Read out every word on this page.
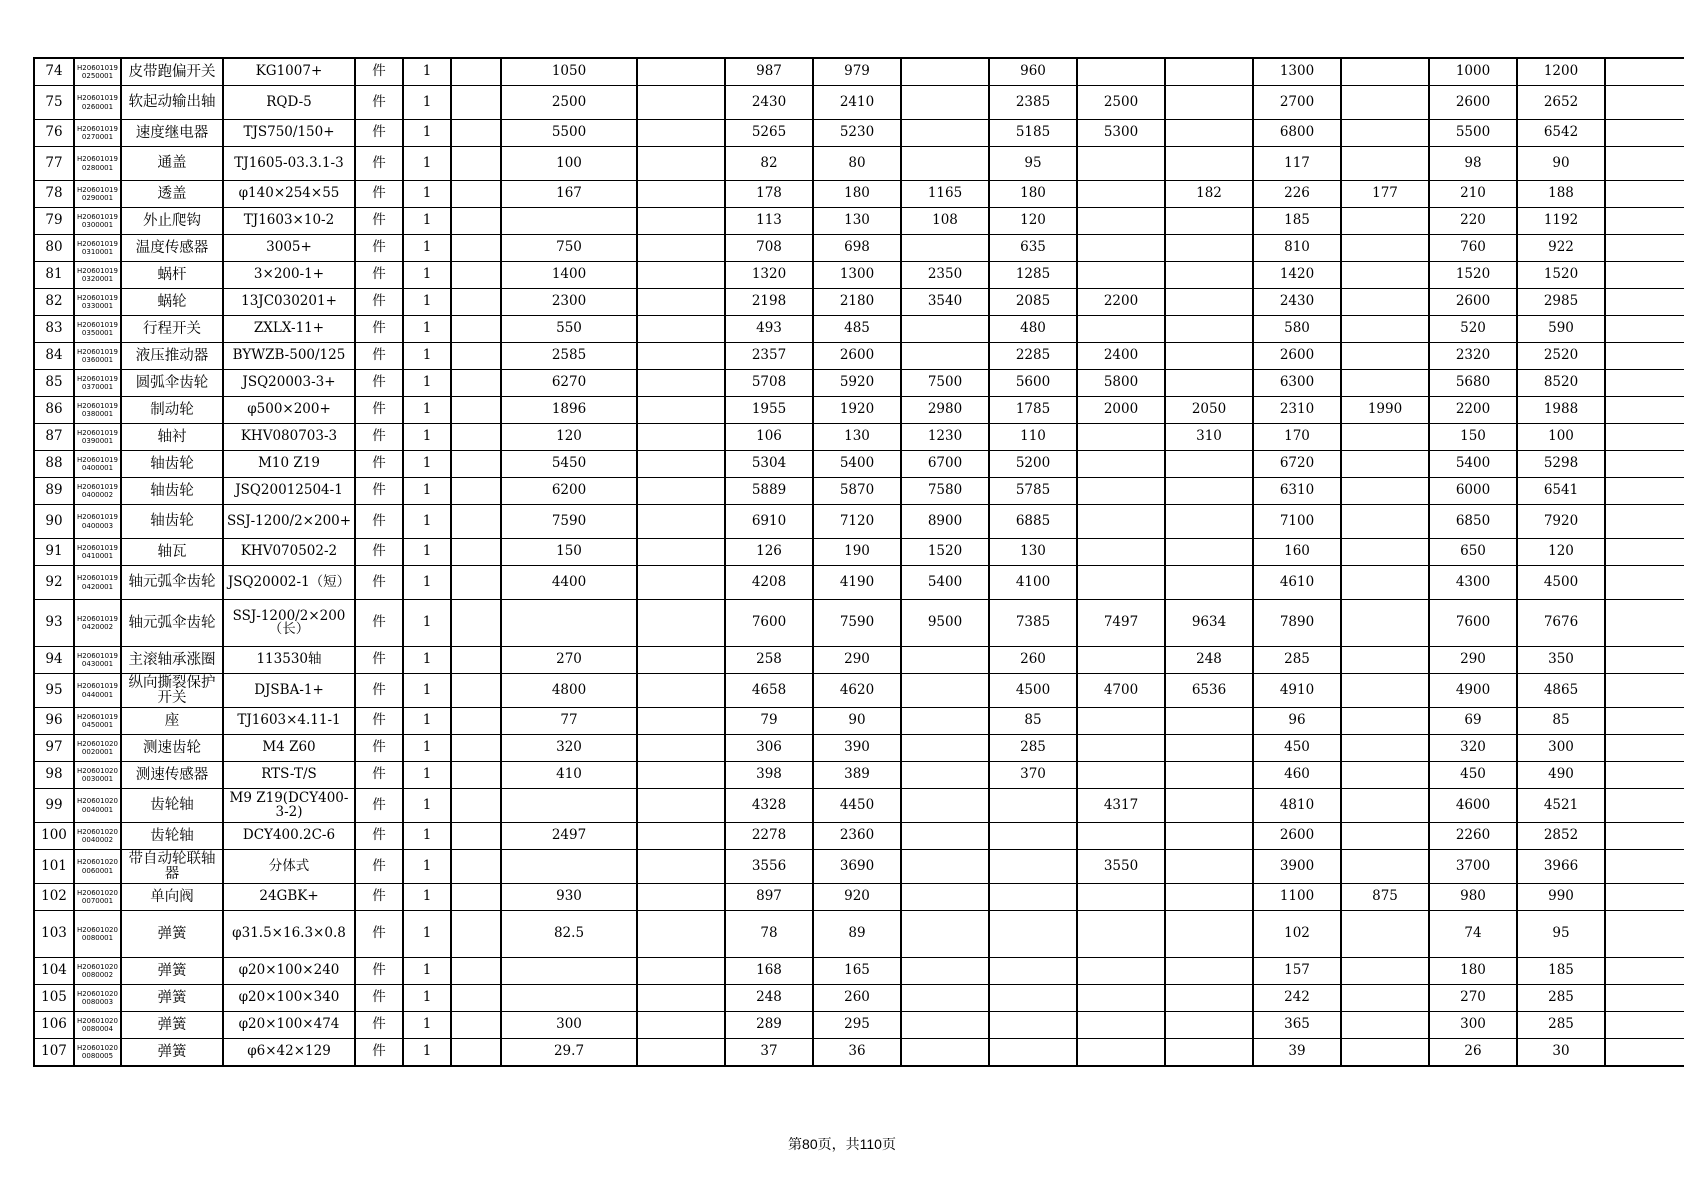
74	H206010190250001	皮带跑偏开关	KG1007+	件	1		1050		987	979		960			1300		1000	1200	
75	H206010190260001	软起动输出轴	RQD-5	件	1		2500		2430	2410		2385	2500		2700		2600	2652	
76	H206010190270001	速度继电器	TJS750/150+	件	1		5500		5265	5230		5185	5300		6800		5500	6542	
77	H206010190280001	通盖	TJ1605-03.3.1-3	件	1		100		82	80		95			117		98	90	
78	H206010190290001	透盖	φ140×254×55	件	1		167		178	180	1165	180		182	226	177	210	188	
79	H206010190300001	外止爬钩	TJ1603×10-2	件	1				113	130	108	120			185		220	1192	
80	H206010190310001	温度传感器	3005+	件	1		750		708	698		635			810		760	922	
81	H206010190320001	蜗杆	3×200-1+	件	1		1400		1320	1300	2350	1285			1420		1520	1520	
82	H206010190330001	蜗轮	13JC030201+	件	1		2300		2198	2180	3540	2085	2200		2430		2600	2985	
83	H206010190350001	行程开关	ZXLX-11+	件	1		550		493	485		480			580		520	590	
84	H206010190360001	液压推动器	BYWZB-500/125	件	1		2585		2357	2600		2285	2400		2600		2320	2520	
85	H206010190370001	圆弧伞齿轮	JSQ20003-3+	件	1		6270		5708	5920	7500	5600	5800		6300		5680	8520	
86	H206010190380001	制动轮	φ500×200+	件	1		1896		1955	1920	2980	1785	2000	2050	2310	1990	2200	1988	
87	H206010190390001	轴衬	KHV080703-3	件	1		120		106	130	1230	110		310	170		150	100	
88	H206010190400001	轴齿轮	M10 Z19	件	1		5450		5304	5400	6700	5200			6720		5400	5298	
89	H206010190400002	轴齿轮	JSQ20012504-1	件	1		6200		5889	5870	7580	5785			6310		6000	6541	
90	H206010190400003	轴齿轮	SSJ-1200/2×200+	件	1		7590		6910	7120	8900	6885			7100		6850	7920	
91	H206010190410001	轴瓦	KHV070502-2	件	1		150		126	190	1520	130			160		650	120	
92	H206010190420001	轴元弧伞齿轮	JSQ20002-1（短）	件	1		4400		4208	4190	5400	4100			4610		4300	4500	
93	H206010190420002	轴元弧伞齿轮	SSJ-1200/2×200（长）	件	1				7600	7590	9500	7385	7497	9634	7890		7600	7676	
94	H206010190430001	主滚轴承涨圈	113530轴	件	1		270		258	290		260		248	285		290	350	
95	H206010190440001	纵向撕裂保护开关	DJSBA-1+	件	1		4800		4658	4620		4500	4700	6536	4910		4900	4865	
96	H206010190450001	座	TJ1603×4.11-1	件	1		77		79	90		85			96		69	85	
97	H206010200020001	测速齿轮	M4 Z60	件	1		320		306	390		285			450		320	300	
98	H206010200030001	测速传感器	RTS-T/S	件	1		410		398	389		370			460		450	490	
99	H206010200040001	齿轮轴	M9 Z19(DCY400-3-2)	件	1				4328	4450			4317		4810		4600	4521	
100	H206010200040002	齿轮轴	DCY400.2C-6	件	1		2497		2278	2360					2600		2260	2852	
101	H206010200060001	带自动轮联轴器	分体式	件	1				3556	3690			3550		3900		3700	3966	
102	H206010200070001	单向阀	24GBK+	件	1		930		897	920					1100	875	980	990	
103	H206010200080001	弹簧	φ31.5×16.3×0.8	件	1		82.5		78	89					102		74	95	
104	H206010200080002	弹簧	φ20×100×240	件	1				168	165					157		180	185	
105	H206010200080003	弹簧	φ20×100×340	件	1				248	260					242		270	285	
106	H206010200080004	弹簧	φ20×100×474	件	1		300		289	295					365		300	285	
107	H206010200080005	弹簧	φ6×42×129	件	1		29.7		37	36					39		26	30	
第80页，共110页
